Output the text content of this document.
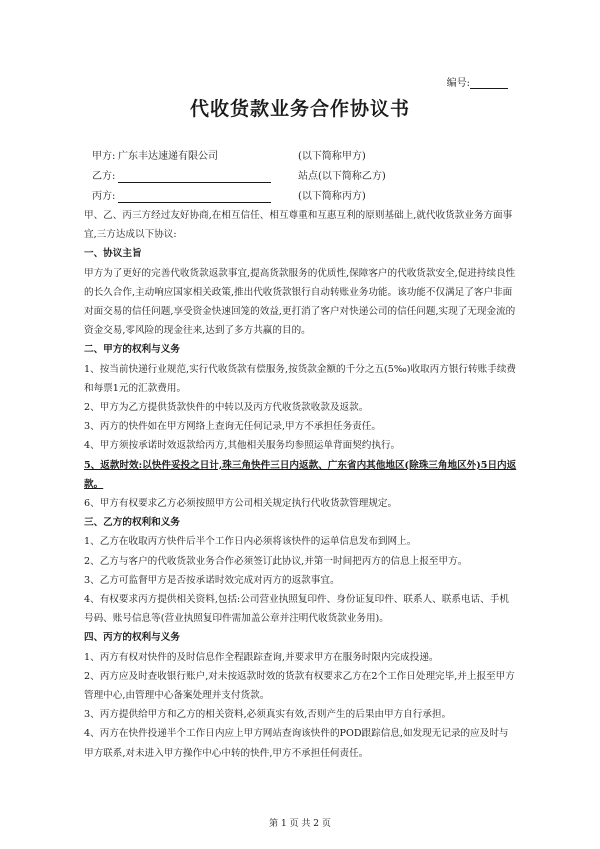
编号:
代收货款业务合作协议书
甲方: 广东丰达速递有限公司	(以下简称甲方)
乙方:	站点(以下简称乙方)
丙方:	(以下简称丙方)

甲、乙、丙三方经过友好协商,在相互信任、相互尊重和互惠互利的原则基础上,就代收货款业务方面事宜,三方达成以下协议:

一、协议主旨

甲方为了更好的完善代收货款返款事宜,提高货款服务的优质性,保障客户的代收货款安全,促进持续良性的长久合作,主动响应国家相关政策,推出代收货款银行自动转账业务功能。该功能不仅满足了客户非面对面交易的信任问题,享受资金快速回笼的效益,更打消了客户对快递公司的信任问题,实现了无现金流的资金交易,零风险的现金往来,达到了多方共赢的目的。

二、甲方的权利与义务

1、按当前快递行业规范,实行代收货款有偿服务,按货款金额的千分之五(5‰)收取丙方银行转账手续费和每票1元的汇款费用。

2、甲方为乙方提供货款快件的中转以及丙方代收货款收款及返款。

3、丙方的快件如在甲方网络上查询无任何记录,甲方不承担任务责任。

4、甲方须按承诺时效返款给丙方,其他相关服务均参照运单背面契约执行。

5、返款时效:以快件妥投之日计,珠三角快件三日内返款、广东省内其他地区(除珠三角地区外)5日内返款。

6、甲方有权要求乙方必须按照甲方公司相关规定执行代收货款管理规定。

三、乙方的权利和义务

1、乙方在收取丙方快件后半个工作日内必须将该快件的运单信息发布到网上。

2、乙方与客户的代收货款业务合作必须签订此协议,并第一时间把丙方的信息上报至甲方。

3、乙方可监督甲方是否按承诺时效完成对丙方的返款事宜。

4、有权要求丙方提供相关资料,包括:公司营业执照复印件、身份证复印件、联系人、联系电话、手机号码、账号信息等(营业执照复印件需加盖公章并注明代收货款业务用)。

四、丙方的权利与义务

1、丙方有权对快件的及时信息作全程跟踪查询,并要求甲方在服务时限内完成投递。

2、丙方应及时查收银行账户,对未按返款时效的货款有权要求乙方在2个工作日处理完毕,并上报至甲方管理中心,由管理中心备案处理并支付货款。

3、丙方提供给甲方和乙方的相关资料,必须真实有效,否则产生的后果由甲方自行承担。

4、丙方在快件投递半个工作日内应上甲方网站查询该快件的POD跟踪信息,如发现无记录的应及时与甲方联系,对未进入甲方操作中心中转的快件,甲方不承担任何责任。

第 1 页 共 2 页
